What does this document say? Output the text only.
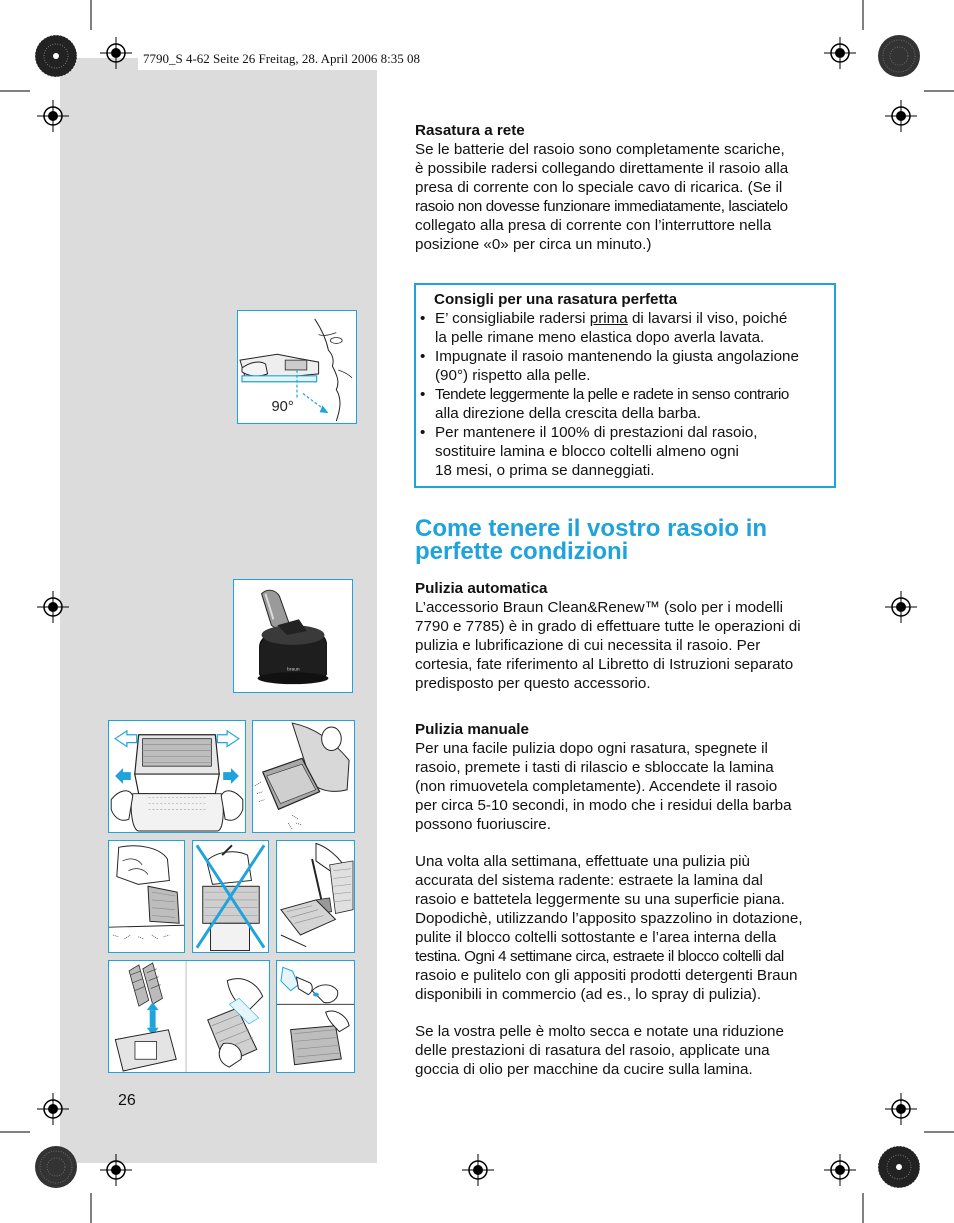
7790_S 4-62 Seite 26 Freitag, 28. April 2006 8:35 08
Rasatura a rete
Se le batterie del rasoio sono completamente scariche,
è possibile radersi collegando direttamente il rasoio alla
presa di corrente con lo speciale cavo di ricarica. (Se il
rasoio non dovesse funzionare immediatamente, lasciatelo
collegato alla presa di corrente con l’interruttore nella
posizione «0» per circa un minuto.)
Consigli per una rasatura perfetta
• E’ consigliabile radersi prima di lavarsi il viso, poiché
la pelle rimane meno elastica dopo averla lavata.
• Impugnate il rasoio mantenendo la giusta angolazione
(90°) rispetto alla pelle.
• Tendete leggermente la pelle e radete in senso contrario
alla direzione della crescita della barba.
• Per mantenere il 100% di prestazioni dal rasoio,
sostituire lamina e blocco coltelli almeno ogni
18 mesi, o prima se danneggiati.
Come tenere il vostro rasoio in
perfette condizioni
Pulizia automatica
L’accessorio Braun Clean&Renew™ (solo per i modelli
7790 e 7785) è in grado di effettuare tutte le operazioni di
pulizia e lubrificazione di cui necessita il rasoio. Per
cortesia, fate riferimento al Libretto di Istruzioni separato
predisposto per questo accessorio.
Pulizia manuale
Per una facile pulizia dopo ogni rasatura, spegnete il
rasoio, premete i tasti di rilascio e sbloccate la lamina
(non rimuovetela completamente). Accendete il rasoio
per circa 5-10 secondi, in modo che i residui della barba
possono fuoriuscire.
Una volta alla settimana, effettuate una pulizia più
accurata del sistema radente: estraete la lamina dal
rasoio e battetela leggermente su una superficie piana.
Dopodichè, utilizzando l’apposito spazzolino in dotazione,
pulite il blocco coltelli sottostante e l’area interna della
testina. Ogni 4 settimane circa, estraete il blocco coltelli dal
rasoio e pulitelo con gli appositi prodotti detergenti Braun
disponibili in commercio (ad es., lo spray di pulizia).
Se la vostra pelle è molto secca e notate una riduzione
delle prestazioni di rasatura del rasoio, applicate una
goccia di olio per macchine da cucire sulla lamina.
26
90°
braun
